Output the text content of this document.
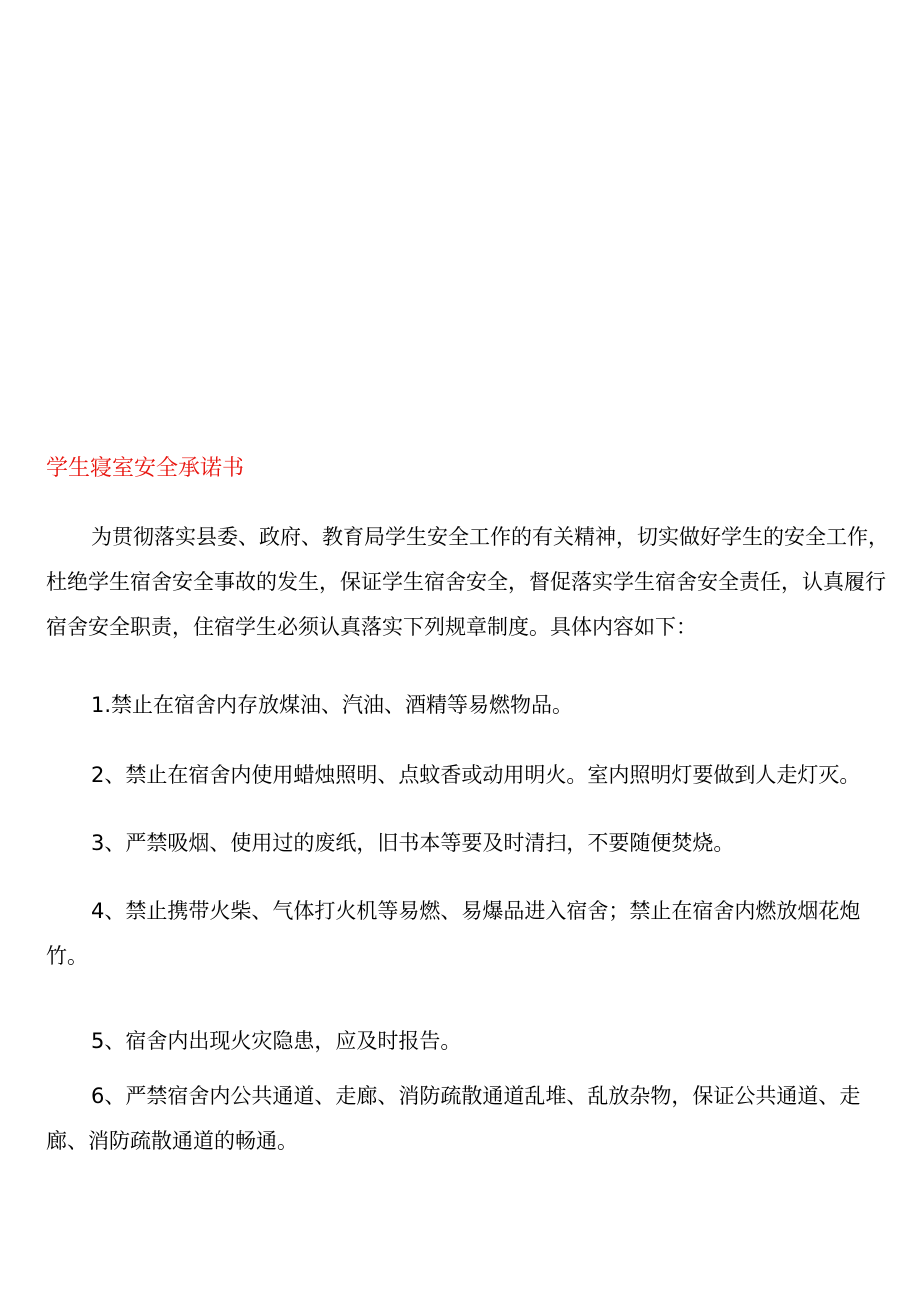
学生寝室安全承诺书

为贯彻落实县委、政府、教育局学生安全工作的有关精神，切实做好学生的安全工作，杜绝学生宿舍安全事故的发生，保证学生宿舍安全，督促落实学生宿舍安全责任，认真履行宿舍安全职责，住宿学生必须认真落实下列规章制度。具体内容如下：

1.禁止在宿舍内存放煤油、汽油、酒精等易燃物品。

2、禁止在宿舍内使用蜡烛照明、点蚊香或动用明火。室内照明灯要做到人走灯灭。

3、严禁吸烟、使用过的废纸，旧书本等要及时清扫，不要随便焚烧。

4、禁止携带火柴、气体打火机等易燃、易爆品进入宿舍；禁止在宿舍内燃放烟花炮竹。

5、宿舍内出现火灾隐患，应及时报告。

6、严禁宿舍内公共通道、走廊、消防疏散通道乱堆、乱放杂物，保证公共通道、走廊、消防疏散通道的畅通。
